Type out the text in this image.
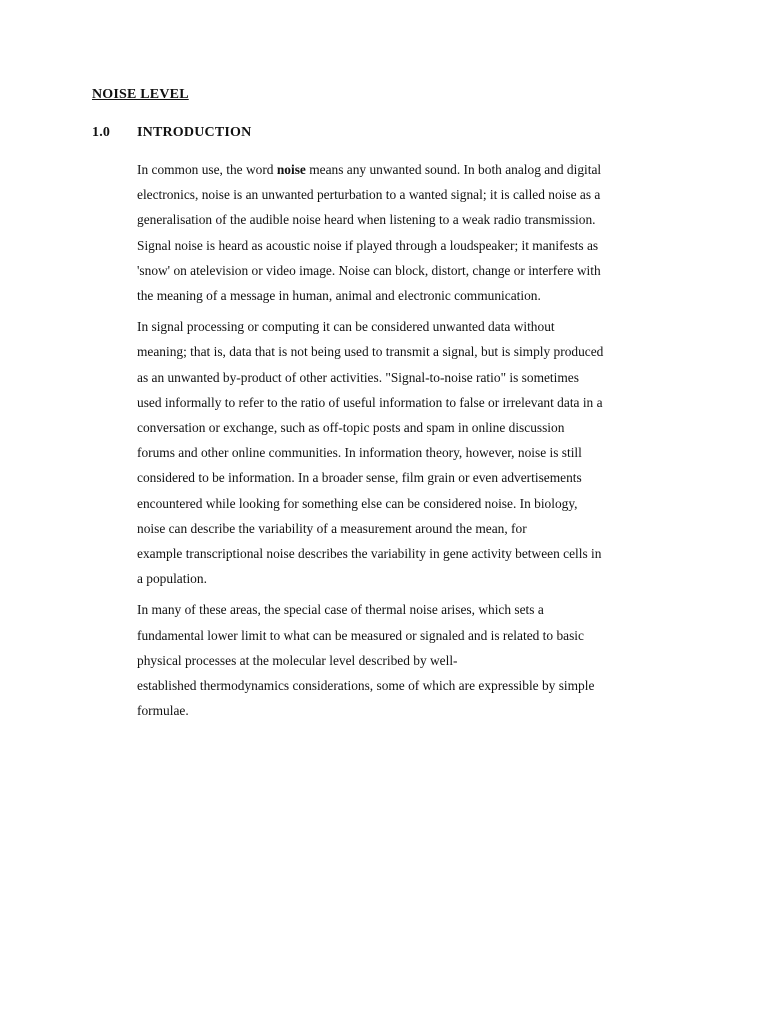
NOISE LEVEL
1.0 INTRODUCTION

In common use, the word noise means any unwanted sound. In both analog and digital
electronics, noise is an unwanted perturbation to a wanted signal; it is called noise as a
generalisation of the audible noise heard when listening to a weak radio transmission.
Signal noise is heard as acoustic noise if played through a loudspeaker; it manifests as
'snow' on atelevision or video image. Noise can block, distort, change or interfere with
the meaning of a message in human, animal and electronic communication.

In signal processing or computing it can be considered unwanted data without
meaning; that is, data that is not being used to transmit a signal, but is simply produced
as an unwanted by-product of other activities. "Signal-to-noise ratio" is sometimes
used informally to refer to the ratio of useful information to false or irrelevant data in a
conversation or exchange, such as off-topic posts and spam in online discussion
forums and other online communities. In information theory, however, noise is still
considered to be information. In a broader sense, film grain or even advertisements
encountered while looking for something else can be considered noise. In biology,
noise can describe the variability of a measurement around the mean, for
example transcriptional noise describes the variability in gene activity between cells in
a population.

In many of these areas, the special case of thermal noise arises, which sets a
fundamental lower limit to what can be measured or signaled and is related to basic
physical processes at the molecular level described by well-
established thermodynamics considerations, some of which are expressible by simple
formulae.
